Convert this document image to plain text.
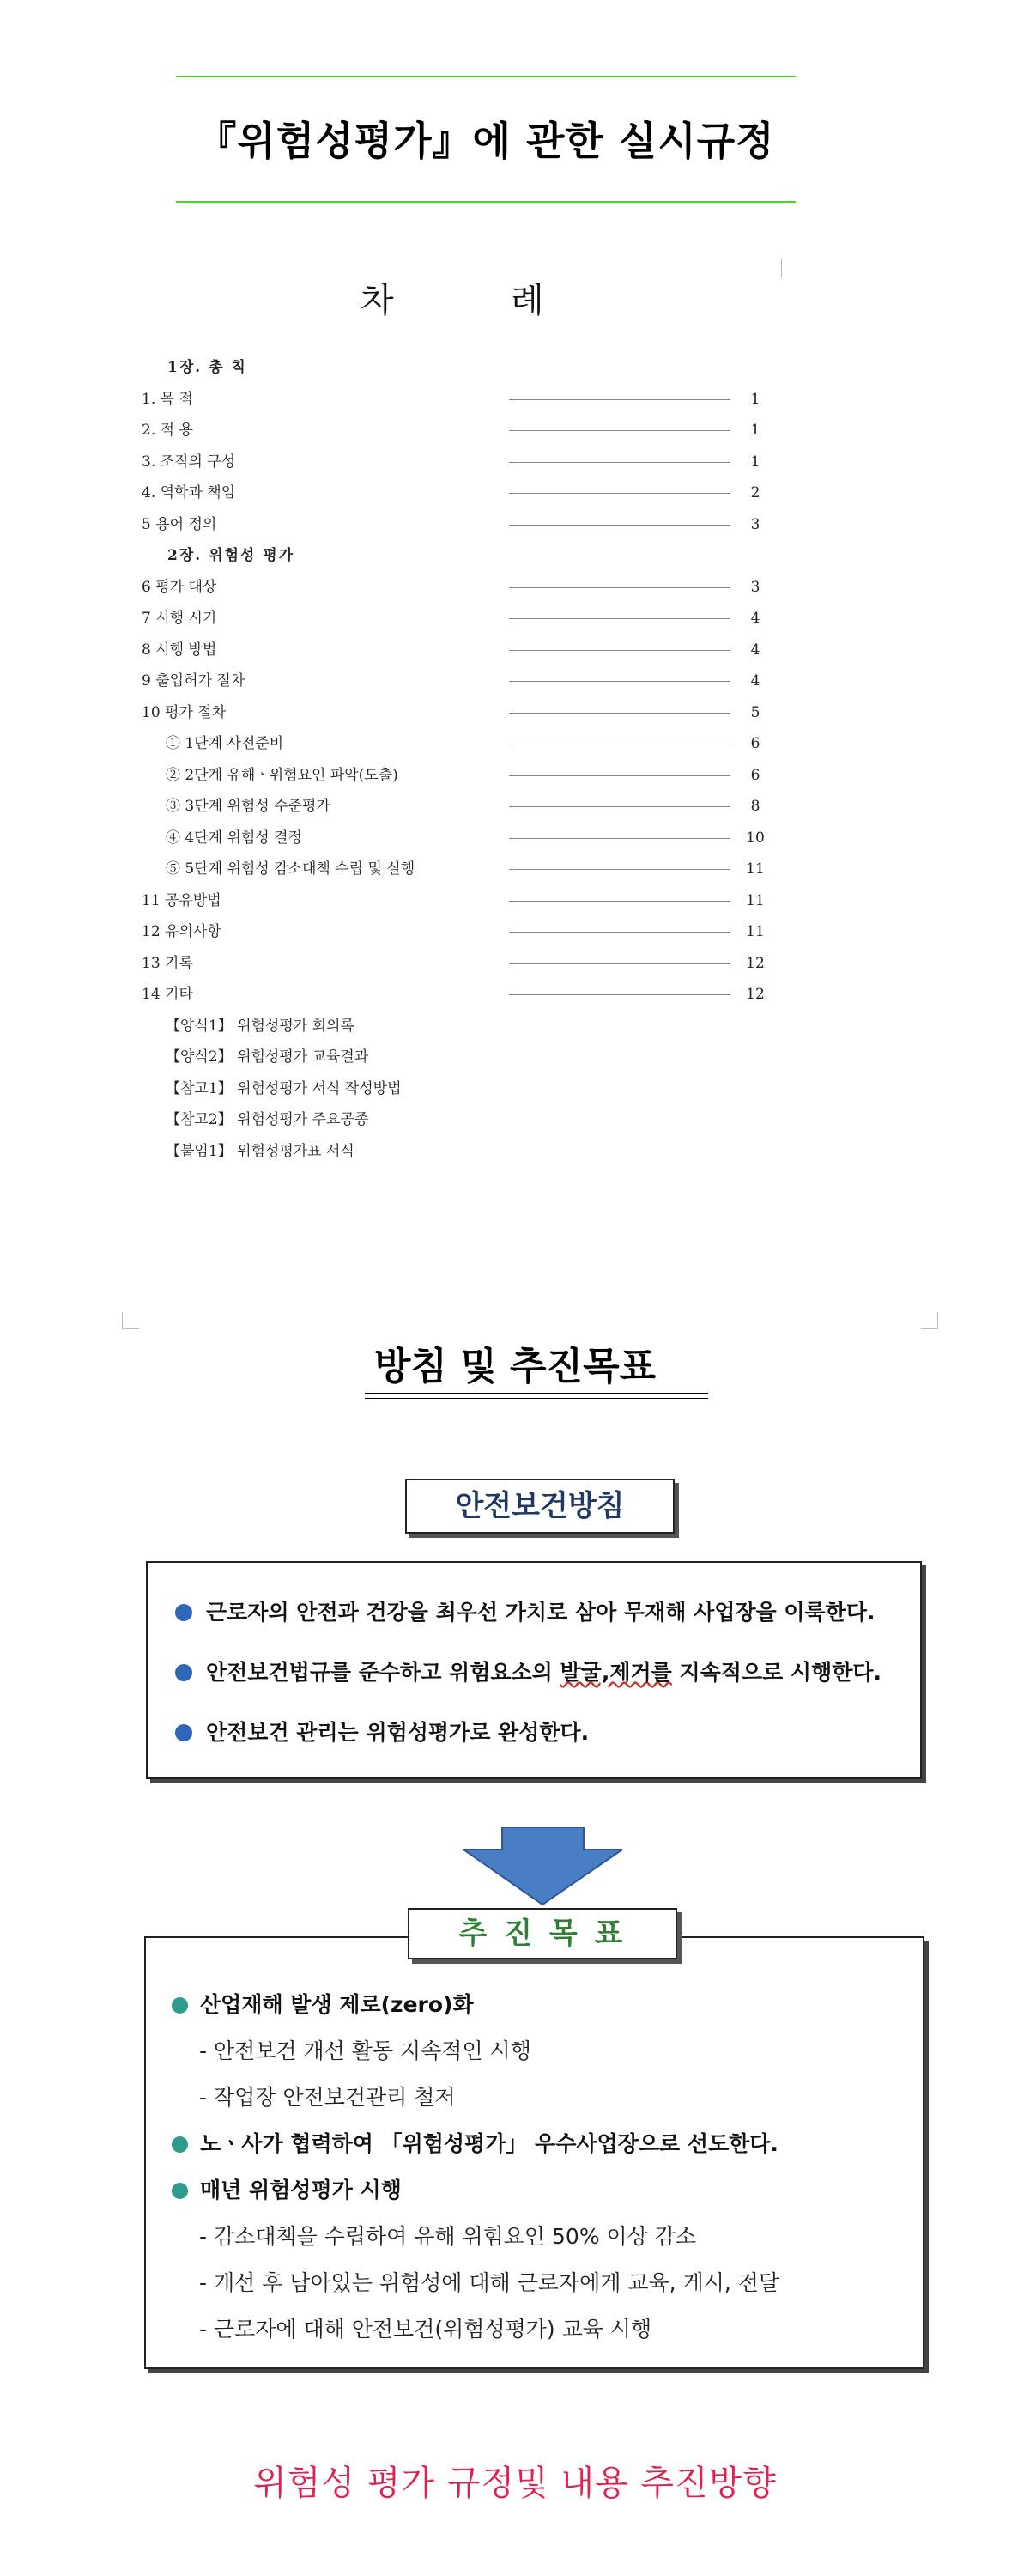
『위험성평가』에 관한 실시규정
차	례
1장. 총 칙
1. 목 적	1
2. 적 용	1
3. 조직의 구성	1
4. 역학과 책임	2
5 용어 정의	3
2장. 위험성 평가
6 평가 대상	3
7 시행 시기	4
8 시행 방법	4
9 출입허가 절차	4
10 평가 절차	5
① 1단계 사전준비	6
② 2단계 유해ㆍ위험요인 파악(도출)	6
③ 3단계 위험성 수준평가	8
④ 4단계 위험성 결정	10
⑤ 5단계 위험성 감소대책 수립 및 실행	11
11 공유방법	11
12 유의사항	11
13 기록	12
14 기타	12
【양식1】 위험성평가 회의록
【양식2】 위험성평가 교육결과
【참고1】 위험성평가 서식 작성방법
【참고2】 위험성평가 주요공종
【붙임1】 위험성평가표 서식
방침 및 추진목표
안전보건방침
근로자의 안전과 건강을 최우선 가치로 삼아 무재해 사업장을 이룩한다.
안전보건법규를 준수하고 위험요소의 발굴,제거를 지속적으로 시행한다.
안전보건 관리는 위험성평가로 완성한다.
산업재해 발생 제로(zero)화
- 안전보건 개선 활동 지속적인 시행
- 작업장 안전보건관리 철저
노ㆍ사가 협력하여 「위험성평가」 우수사업장으로 선도한다.
매년 위험성평가 시행
- 감소대책을 수립하여 유해 위험요인 50% 이상 감소
- 개선 후 남아있는 위험성에 대해 근로자에게 교육, 게시, 전달
- 근로자에 대해 안전보건(위험성평가) 교육 시행
추 진 목 표
위험성 평가 규정및 내용 추진방향
